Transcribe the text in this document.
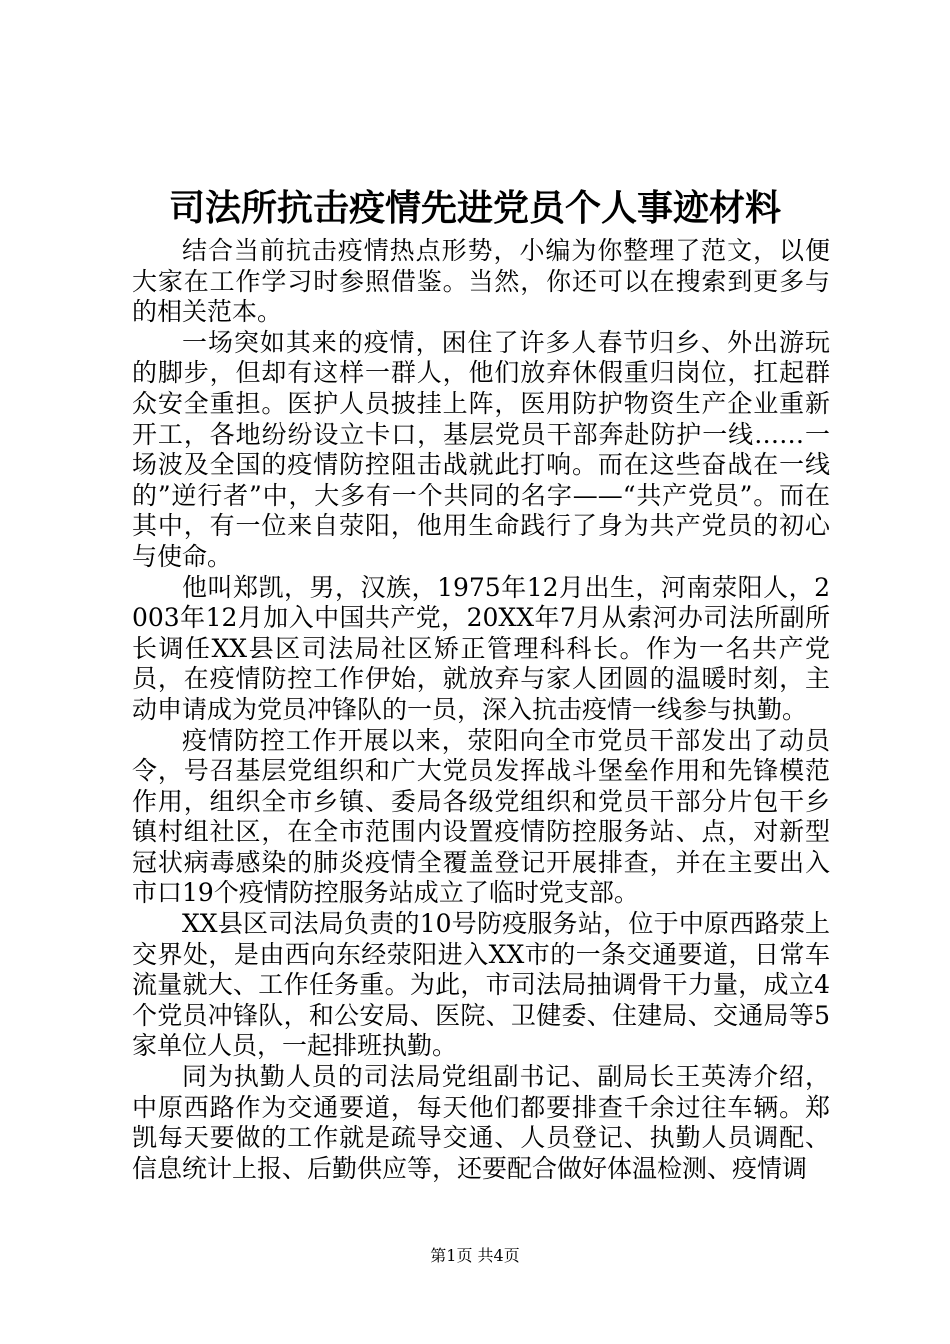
司法所抗击疫情先进党员个人事迹材料

结合当前抗击疫情热点形势，小编为你整理了范文，以便大家在工作学习时参照借鉴。当然，你还可以在搜索到更多与的相关范本。

一场突如其来的疫情，困住了许多人春节归乡、外出游玩的脚步，但却有这样一群人，他们放弃休假重归岗位，扛起群众安全重担。医护人员披挂上阵，医用防护物资生产企业重新开工，各地纷纷设立卡口，基层党员干部奔赴防护一线……一场波及全国的疫情防控阻击战就此打响。而在这些奋战在一线的”逆行者”中，大多有一个共同的名字——“共产党员”。而在其中，有一位来自荥阳，他用生命践行了身为共产党员的初心与使命。

他叫郑凯，男，汉族，1975年12月出生，河南荥阳人，2003年12月加入中国共产党，20XX年7月从索河办司法所副所长调任XX县区司法局社区矫正管理科科长。作为一名共产党员，在疫情防控工作伊始，就放弃与家人团圆的温暖时刻，主动申请成为党员冲锋队的一员，深入抗击疫情一线参与执勤。

疫情防控工作开展以来，荥阳向全市党员干部发出了动员令，号召基层党组织和广大党员发挥战斗堡垒作用和先锋模范作用，组织全市乡镇、委局各级党组织和党员干部分片包干乡镇村组社区，在全市范围内设置疫情防控服务站、点，对新型冠状病毒感染的肺炎疫情全覆盖登记开展排查，并在主要出入市口19个疫情防控服务站成立了临时党支部。

XX县区司法局负责的10号防疫服务站，位于中原西路荥上交界处，是由西向东经荥阳进入XX市的一条交通要道，日常车流量就大、工作任务重。为此，市司法局抽调骨干力量，成立4个党员冲锋队，和公安局、医院、卫健委、住建局、交通局等5家单位人员，一起排班执勤。

同为执勤人员的司法局党组副书记、副局长王英涛介绍，中原西路作为交通要道，每天他们都要排查千余过往车辆。郑凯每天要做的工作就是疏导交通、人员登记、执勤人员调配、信息统计上报、后勤供应等，还要配合做好体温检测、疫情调

第1页 共4页
